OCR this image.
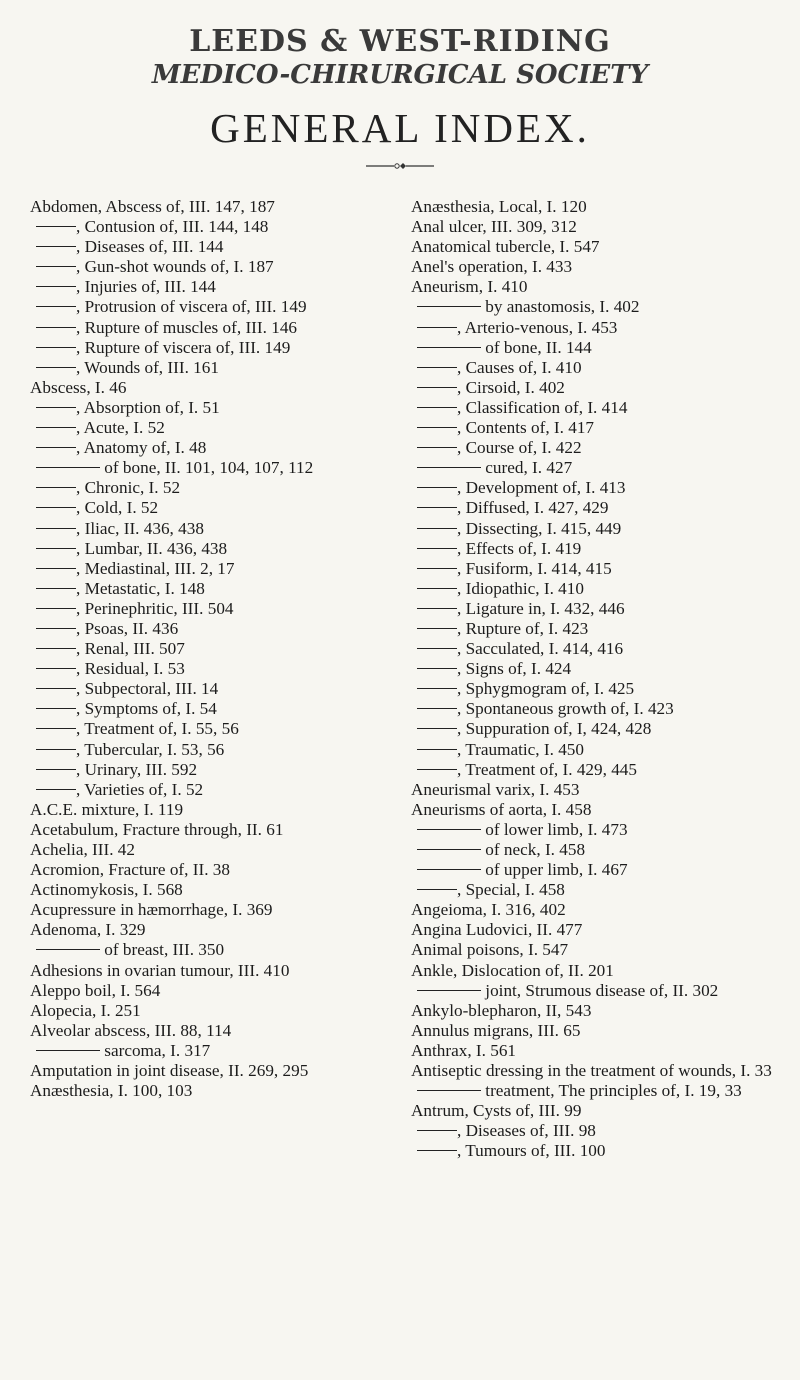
LEEDS & WEST-RIDING
MEDICO-CHIRURGICAL SOCIETY
GENERAL INDEX.
Abdomen, Abscess of, III. 147, 187
, Contusion of, III. 144, 148
, Diseases of, III. 144
, Gun-shot wounds of, I. 187
, Injuries of, III. 144
, Protrusion of viscera of, III. 149
, Rupture of muscles of, III. 146
, Rupture of viscera of, III. 149
, Wounds of, III. 161
Abscess, I. 46
, Absorption of, I. 51
, Acute, I. 52
, Anatomy of, I. 48
of bone, II. 101, 104, 107, 112
, Chronic, I. 52
, Cold, I. 52
, Iliac, II. 436, 438
, Lumbar, II. 436, 438
, Mediastinal, III. 2, 17
, Metastatic, I. 148
, Perinephritic, III. 504
, Psoas, II. 436
, Renal, III. 507
, Residual, I. 53
, Subpectoral, III. 14
, Symptoms of, I. 54
, Treatment of, I. 55, 56
, Tubercular, I. 53, 56
, Urinary, III. 592
, Varieties of, I. 52
A.C.E. mixture, I. 119
Acetabulum, Fracture through, II. 61
Achelia, III. 42
Acromion, Fracture of, II. 38
Actinomykosis, I. 568
Acupressure in hæmorrhage, I. 369
Adenoma, I. 329
of breast, III. 350
Adhesions in ovarian tumour, III. 410
Aleppo boil, I. 564
Alopecia, I. 251
Alveolar abscess, III. 88, 114
sarcoma, I. 317
Amputation in joint disease, II. 269, 295
Anæsthesia, I. 100, 103
Anæsthesia, Local, I. 120
Anal ulcer, III. 309, 312
Anatomical tubercle, I. 547
Anel's operation, I. 433
Aneurism, I. 410
by anastomosis, I. 402
, Arterio-venous, I. 453
of bone, II. 144
, Causes of, I. 410
, Cirsoid, I. 402
, Classification of, I. 414
, Contents of, I. 417
, Course of, I. 422
cured, I. 427
, Development of, I. 413
, Diffused, I. 427, 429
, Dissecting, I. 415, 449
, Effects of, I. 419
, Fusiform, I. 414, 415
, Idiopathic, I. 410
, Ligature in, I. 432, 446
, Rupture of, I. 423
, Sacculated, I. 414, 416
, Signs of, I. 424
, Sphygmogram of, I. 425
, Spontaneous growth of, I. 423
, Suppuration of, I, 424, 428
, Traumatic, I. 450
, Treatment of, I. 429, 445
Aneurismal varix, I. 453
Aneurisms of aorta, I. 458
of lower limb, I. 473
of neck, I. 458
of upper limb, I. 467
, Special, I. 458
Angeioma, I. 316, 402
Angina Ludovici, II. 477
Animal poisons, I. 547
Ankle, Dislocation of, II. 201
joint, Strumous disease of, II. 302
Ankylo-blepharon, II, 543
Annulus migrans, III. 65
Anthrax, I. 561
Antiseptic dressing in the treatment of wounds, I. 33
treatment, The principles of, I. 19, 33
Antrum, Cysts of, III. 99
, Diseases of, III. 98
, Tumours of, III. 100
